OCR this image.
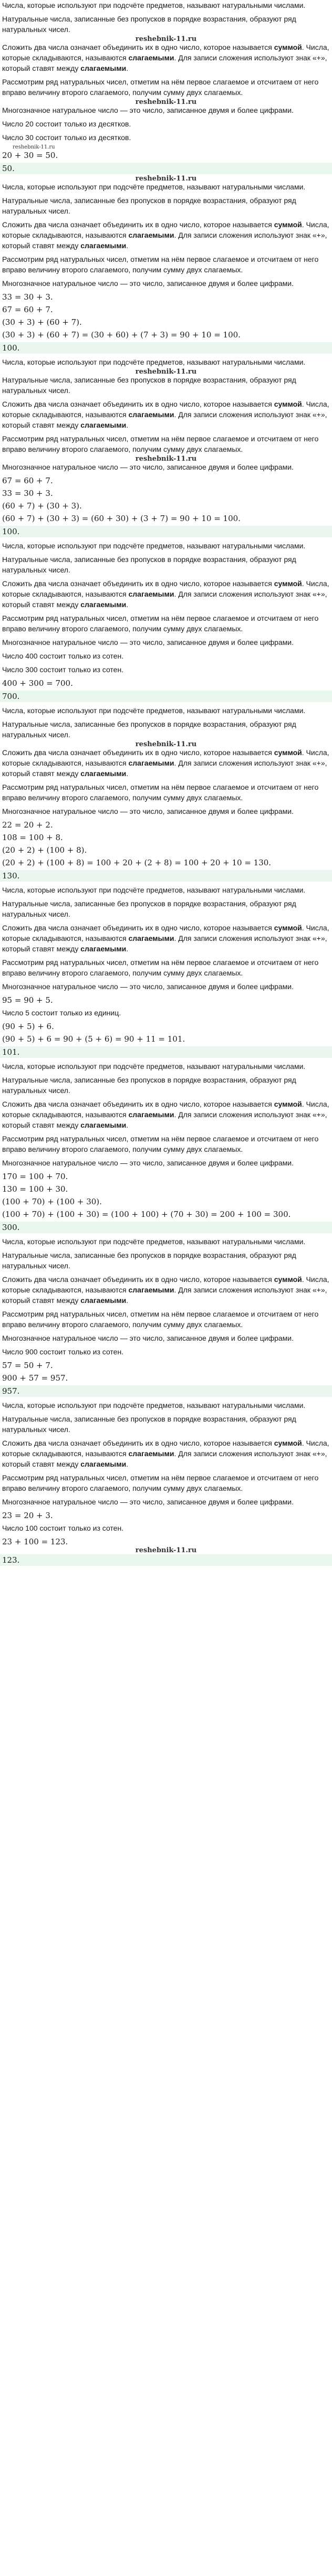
Числа, которые используют при подсчёте предметов, называют натуральными числами.

Натуральные числа, записанные без пропусков в порядке возрастания, образуют ряд натуральных чисел.

reshebnik-11.ru

Сложить два числа означает объединить их в одно число, которое называется суммой. Числа, которые складываются, называются слагаемыми. Для записи сложения используют знак «+», который ставят между слагаемыми.

Рассмотрим ряд натуральных чисел, отметим на нём первое слагаемое и отсчитаем от него вправо величину второго слагаемого, получим сумму двух слагаемых.

reshebnik-11.ru

Многозначное натуральное число — это число, записанное двумя и более цифрами.

Число 20 состоит только из десятков.

Число 30 состоит только из десятков.

reshebnik-11.ru

20 + 30 = 50.

50.

reshebnik-11.ru

Числа, которые используют при подсчёте предметов, называют натуральными числами.

Натуральные числа, записанные без пропусков в порядке возрастания, образуют ряд натуральных чисел.

Сложить два числа означает объединить их в одно число, которое называется суммой. Числа, которые складываются, называются слагаемыми. Для записи сложения используют знак «+», который ставят между слагаемыми.

Рассмотрим ряд натуральных чисел, отметим на нём первое слагаемое и отсчитаем от него вправо величину второго слагаемого, получим сумму двух слагаемых.

Многозначное натуральное число — это число, записанное двумя и более цифрами.

33 = 30 + 3.

67 = 60 + 7.

(30 + 3) + (60 + 7).

(30 + 3) + (60 + 7) = (30 + 60) + (7 + 3) = 90 + 10 = 100.

100.

Числа, которые используют при подсчёте предметов, называют натуральными числами.

reshebnik-11.ru

Натуральные числа, записанные без пропусков в порядке возрастания, образуют ряд натуральных чисел.

Сложить два числа означает объединить их в одно число, которое называется суммой. Числа, которые складываются, называются слагаемыми. Для записи сложения используют знак «+», который ставят между слагаемыми.

Рассмотрим ряд натуральных чисел, отметим на нём первое слагаемое и отсчитаем от него вправо величину второго слагаемого, получим сумму двух слагаемых.

reshebnik-11.ru

Многозначное натуральное число — это число, записанное двумя и более цифрами.

67 = 60 + 7.

33 = 30 + 3.

(60 + 7) + (30 + 3).

(60 + 7) + (30 + 3) = (60 + 30) + (3 + 7) = 90 + 10 = 100.

100.

Числа, которые используют при подсчёте предметов, называют натуральными числами.

Натуральные числа, записанные без пропусков в порядке возрастания, образуют ряд натуральных чисел.

Сложить два числа означает объединить их в одно число, которое называется суммой. Числа, которые складываются, называются слагаемыми. Для записи сложения используют знак «+», который ставят между слагаемыми.

Рассмотрим ряд натуральных чисел, отметим на нём первое слагаемое и отсчитаем от него вправо величину второго слагаемого, получим сумму двух слагаемых.

Многозначное натуральное число — это число, записанное двумя и более цифрами.

Число 400 состоит только из сотен.

Число 300 состоит только из сотен.

400 + 300 = 700.

700.

Числа, которые используют при подсчёте предметов, называют натуральными числами.

Натуральные числа, записанные без пропусков в порядке возрастания, образуют ряд натуральных чисел.

reshebnik-11.ru

Сложить два числа означает объединить их в одно число, которое называется суммой. Числа, которые складываются, называются слагаемыми. Для записи сложения используют знак «+», который ставят между слагаемыми.

Рассмотрим ряд натуральных чисел, отметим на нём первое слагаемое и отсчитаем от него вправо величину второго слагаемого, получим сумму двух слагаемых.

Многозначное натуральное число — это число, записанное двумя и более цифрами.

22 = 20 + 2.

108 = 100 + 8.

(20 + 2) + (100 + 8).

(20 + 2) + (100 + 8) = 100 + 20 + (2 + 8) = 100 + 20 + 10 = 130.

130.

Числа, которые используют при подсчёте предметов, называют натуральными числами.

Натуральные числа, записанные без пропусков в порядке возрастания, образуют ряд натуральных чисел.

Сложить два числа означает объединить их в одно число, которое называется суммой. Числа, которые складываются, называются слагаемыми. Для записи сложения используют знак «+», который ставят между слагаемыми.

Рассмотрим ряд натуральных чисел, отметим на нём первое слагаемое и отсчитаем от него вправо величину второго слагаемого, получим сумму двух слагаемых.

Многозначное натуральное число — это число, записанное двумя и более цифрами.

95 = 90 + 5.

Число 5 состоит только из единиц.

(90 + 5) + 6.

(90 + 5) + 6 = 90 + (5 + 6) = 90 + 11 = 101.

101.

Числа, которые используют при подсчёте предметов, называют натуральными числами.

Натуральные числа, записанные без пропусков в порядке возрастания, образуют ряд натуральных чисел.

Сложить два числа означает объединить их в одно число, которое называется суммой. Числа, которые складываются, называются слагаемыми. Для записи сложения используют знак «+», который ставят между слагаемыми.

Рассмотрим ряд натуральных чисел, отметим на нём первое слагаемое и отсчитаем от него вправо величину второго слагаемого, получим сумму двух слагаемых.

Многозначное натуральное число — это число, записанное двумя и более цифрами.

170 = 100 + 70.

130 = 100 + 30.

(100 + 70) + (100 + 30).

(100 + 70) + (100 + 30) = (100 + 100) + (70 + 30) = 200 + 100 = 300.

300.

Числа, которые используют при подсчёте предметов, называют натуральными числами.

Натуральные числа, записанные без пропусков в порядке возрастания, образуют ряд натуральных чисел.

Сложить два числа означает объединить их в одно число, которое называется суммой. Числа, которые складываются, называются слагаемыми. Для записи сложения используют знак «+», который ставят между слагаемыми.

Рассмотрим ряд натуральных чисел, отметим на нём первое слагаемое и отсчитаем от него вправо величину второго слагаемого, получим сумму двух слагаемых.

Многозначное натуральное число — это число, записанное двумя и более цифрами.

Число 900 состоит только из сотен.

57 = 50 + 7.

900 + 57 = 957.

957.

Числа, которые используют при подсчёте предметов, называют натуральными числами.

Натуральные числа, записанные без пропусков в порядке возрастания, образуют ряд натуральных чисел.

Сложить два числа означает объединить их в одно число, которое называется суммой. Числа, которые складываются, называются слагаемыми. Для записи сложения используют знак «+», который ставят между слагаемыми.

Рассмотрим ряд натуральных чисел, отметим на нём первое слагаемое и отсчитаем от него вправо величину второго слагаемого, получим сумму двух слагаемых.

Многозначное натуральное число — это число, записанное двумя и более цифрами.

23 = 20 + 3.

Число 100 состоит только из сотен.

23 + 100 = 123.

reshebnik-11.ru

123.
